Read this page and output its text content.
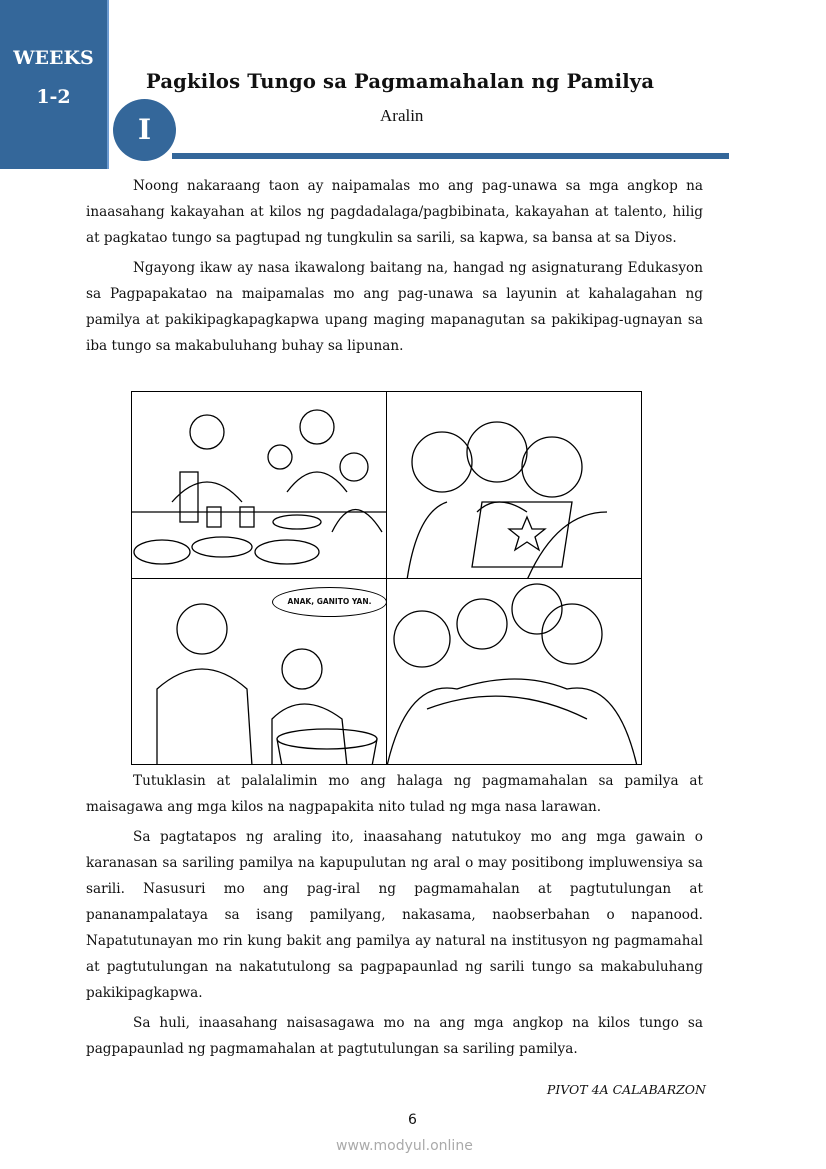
WEEKS
1-2
Pagkilos Tungo sa Pagmamahalan ng Pamilya
Aralin
I

Noong nakaraang taon ay naipamalas mo ang pag-unawa sa mga angkop na inaasahang kakayahan at kilos ng pagdadalaga/pagbibinata, kakayahan at talento, hilig at pagkatao tungo sa pagtupad ng tungkulin sa sarili, sa kapwa, sa bansa at sa Diyos.

Ngayong ikaw ay nasa ikawalong baitang na, hangad ng asignaturang Edukasyon sa Pagpapakatao na maipamalas mo ang pag-unawa sa layunin at kahalagahan ng pamilya at pakikipagkapagkapwa upang maging mapanagutan sa pakikipag-ugnayan sa iba tungo sa makabuluhang buhay sa lipunan.

ANAK, GANITO YAN.

Tutuklasin at palalalimin mo ang halaga ng pagmamahalan sa pamilya at maisagawa ang mga kilos na nagpapakita nito tulad ng mga nasa larawan.

Sa pagtatapos ng araling ito, inaasahang natutukoy mo ang mga gawain o karanasan sa sariling pamilya na kapupulutan ng aral o may positibong impluwensiya sa sarili. Nasusuri mo ang pag-iral ng pagmamahalan at pagtutulungan at pananampalataya sa isang pamilyang, nakasama, naobserbahan o napanood. Napatutunayan mo rin kung bakit ang pamilya ay natural na institusyon ng pagmamahal at pagtutulungan na nakatutulong sa pagpapaunlad ng sarili tungo sa makabuluhang pakikipagkapwa.

Sa huli, inaasahang naisasagawa mo na ang mga angkop na kilos tungo sa pagpapaunlad ng pagmamahalan at pagtutulungan sa sariling pamilya.

PIVOT 4A CALABARZON
6
www.modyul.online
